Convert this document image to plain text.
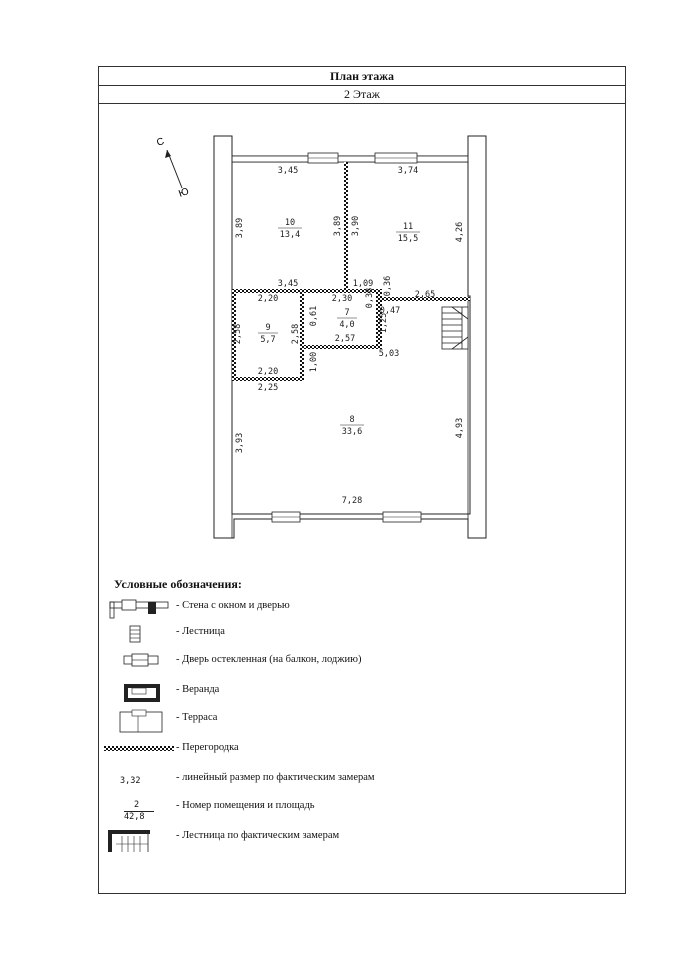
План этажа
2 Этаж
С
Ю
10
13,4
11
15,5
9
5,7
7
4,0
8
33,6
3,45	3,74
3,89	3,89 3,90	4,26
3,45	1,09 0,36
0,38
2,20	2,30	2,65
0,47
0,61	1,25
2,58	2,58	2,57
5,03
1,00
2,20
2,25
3,93
4,93
7,28
Условные обозначения:
- Стена с окном и дверью
- Лестница
- Дверь остекленная (на балкон, лоджию)
- Веранда
- Терраса
- Перегородка
3,32	- линейный размер по фактическим замерам
2
42,8
- Номер помещения и площадь
- Лестница по фактическим замерам
